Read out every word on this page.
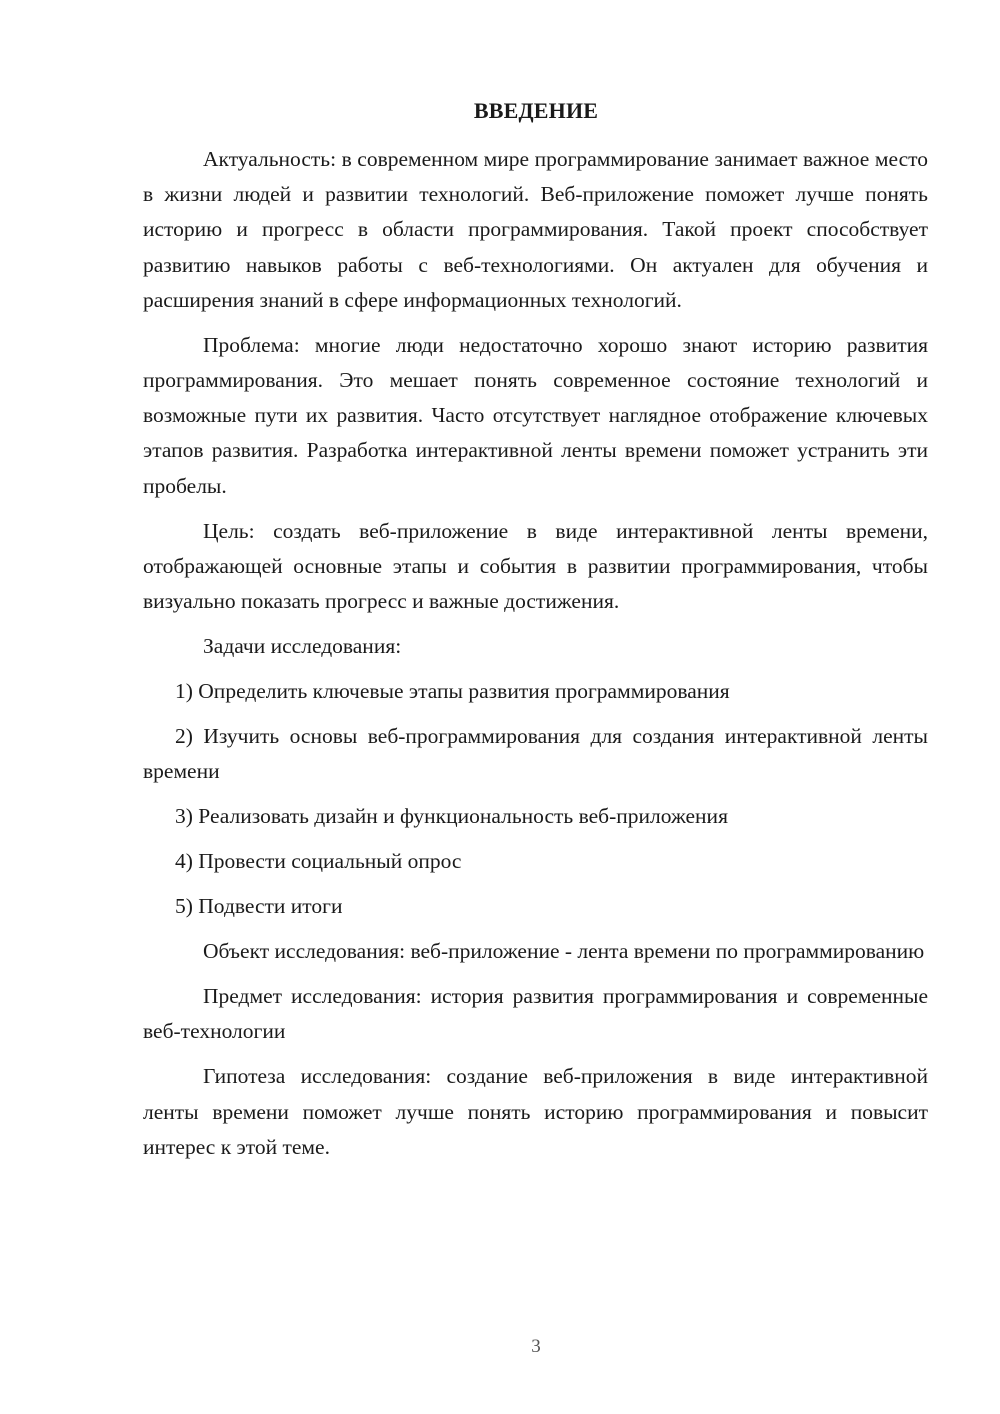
ВВЕДЕНИЕ

Актуальность: в современном мире программирование занимает важное место в жизни людей и развитии технологий. Веб-приложение поможет лучше понять историю и прогресс в области программирования. Такой проект способствует развитию навыков работы с веб-технологиями. Он актуален для обучения и расширения знаний в сфере информационных технологий.

Проблема: многие люди недостаточно хорошо знают историю развития программирования. Это мешает понять современное состояние технологий и возможные пути их развития. Часто отсутствует наглядное отображение ключевых этапов развития. Разработка интерактивной ленты времени поможет устранить эти пробелы.

Цель: создать веб-приложение в виде интерактивной ленты времени, отображающей основные этапы и события в развитии программирования, чтобы визуально показать прогресс и важные достижения.

Задачи исследования:

1) Определить ключевые этапы развития программирования

2) Изучить основы веб-программирования для создания интерактивной ленты времени

3) Реализовать дизайн и функциональность веб-приложения

4) Провести социальный опрос

5) Подвести итоги

Объект исследования: веб-приложение - лента времени по программированию

Предмет исследования: история развития программирования и современные веб-технологии

Гипотеза исследования: создание веб-приложения в виде интерактивной ленты времени поможет лучше понять историю программирования и повысит интерес к этой теме.

3
